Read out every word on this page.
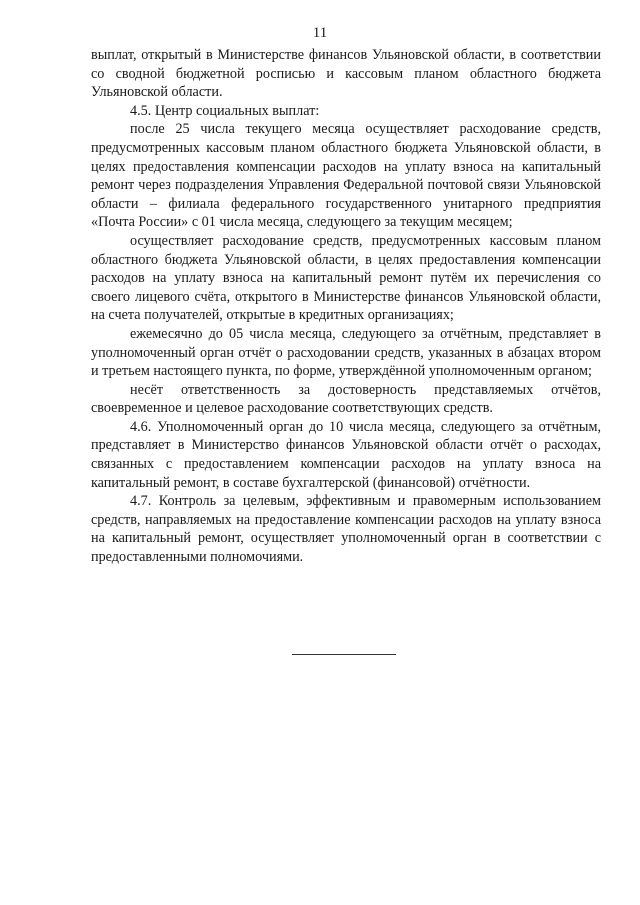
11

выплат, открытый в Министерстве финансов Ульяновской области, в соответствии со сводной бюджетной росписью и кассовым планом областного бюджета Ульяновской области.

4.5. Центр социальных выплат:

после 25 числа текущего месяца осуществляет расходование средств, предусмотренных кассовым планом областного бюджета Ульяновской области, в целях предоставления компенсации расходов на уплату взноса на капитальный ремонт через подразделения Управления Федеральной почтовой связи Ульяновской области – филиала федерального государственного унитарного предприятия «Почта России» с 01 числа месяца, следующего за текущим месяцем;

осуществляет расходование средств, предусмотренных кассовым планом областного бюджета Ульяновской области, в целях предоставления компенсации расходов на уплату взноса на капитальный ремонт путём их перечисления со своего лицевого счёта, открытого в Министерстве финансов Ульяновской области, на счета получателей, открытые в кредитных организациях;

ежемесячно до 05 числа месяца, следующего за отчётным, представляет в уполномоченный орган отчёт о расходовании средств, указанных в абзацах втором и третьем настоящего пункта, по форме, утверждённой уполномоченным органом;

несёт ответственность за достоверность представляемых отчётов, своевременное и целевое расходование соответствующих средств.

4.6. Уполномоченный орган до 10 числа месяца, следующего за отчётным, представляет в Министерство финансов Ульяновской области отчёт о расходах, связанных с предоставлением компенсации расходов на уплату взноса на капитальный ремонт, в составе бухгалтерской (финансовой) отчётности.

4.7. Контроль за целевым, эффективным и правомерным использованием средств, направляемых на предоставление компенсации расходов на уплату взноса на капитальный ремонт, осуществляет уполномоченный орган в соответствии с предоставленными полномочиями.
